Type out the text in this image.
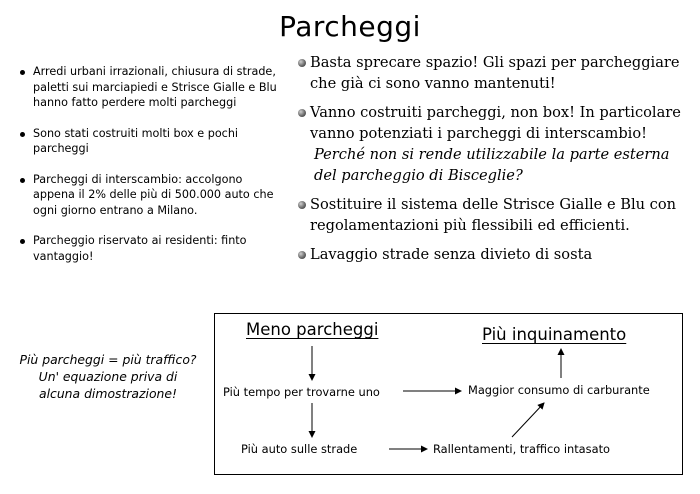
Parcheggi
Arredi urbani irrazionali, chiusura di strade, paletti sui marciapiedi e Strisce Gialle e Blu hanno fatto perdere molti parcheggi
Sono stati costruiti molti box e pochi parcheggi
Parcheggi di interscambio: accolgono appena il 2% delle più di 500.000 auto che ogni giorno entrano a Milano.
Parcheggio riservato ai residenti: finto vantaggio!
Basta sprecare spazio! Gli spazi per parcheggiare che già ci sono vanno mantenuti!
Vanno costruiti parcheggi, non box! In particolare vanno potenziati i parcheggi di interscambio!
Perché non si rende utilizzabile la parte esterna del parcheggio di Bisceglie?
Sostituire il sistema delle Strisce Gialle e Blu con regolamentazioni più flessibili ed efficienti.
Lavaggio strade senza divieto di sosta
Più parcheggi = più traffico?
Un' equazione priva di
alcuna dimostrazione!
Meno parcheggi	Più inquinamento
Più tempo per trovarne uno	Maggior consumo di carburante
Più auto sulle strade	Rallentamenti, traffico intasato
